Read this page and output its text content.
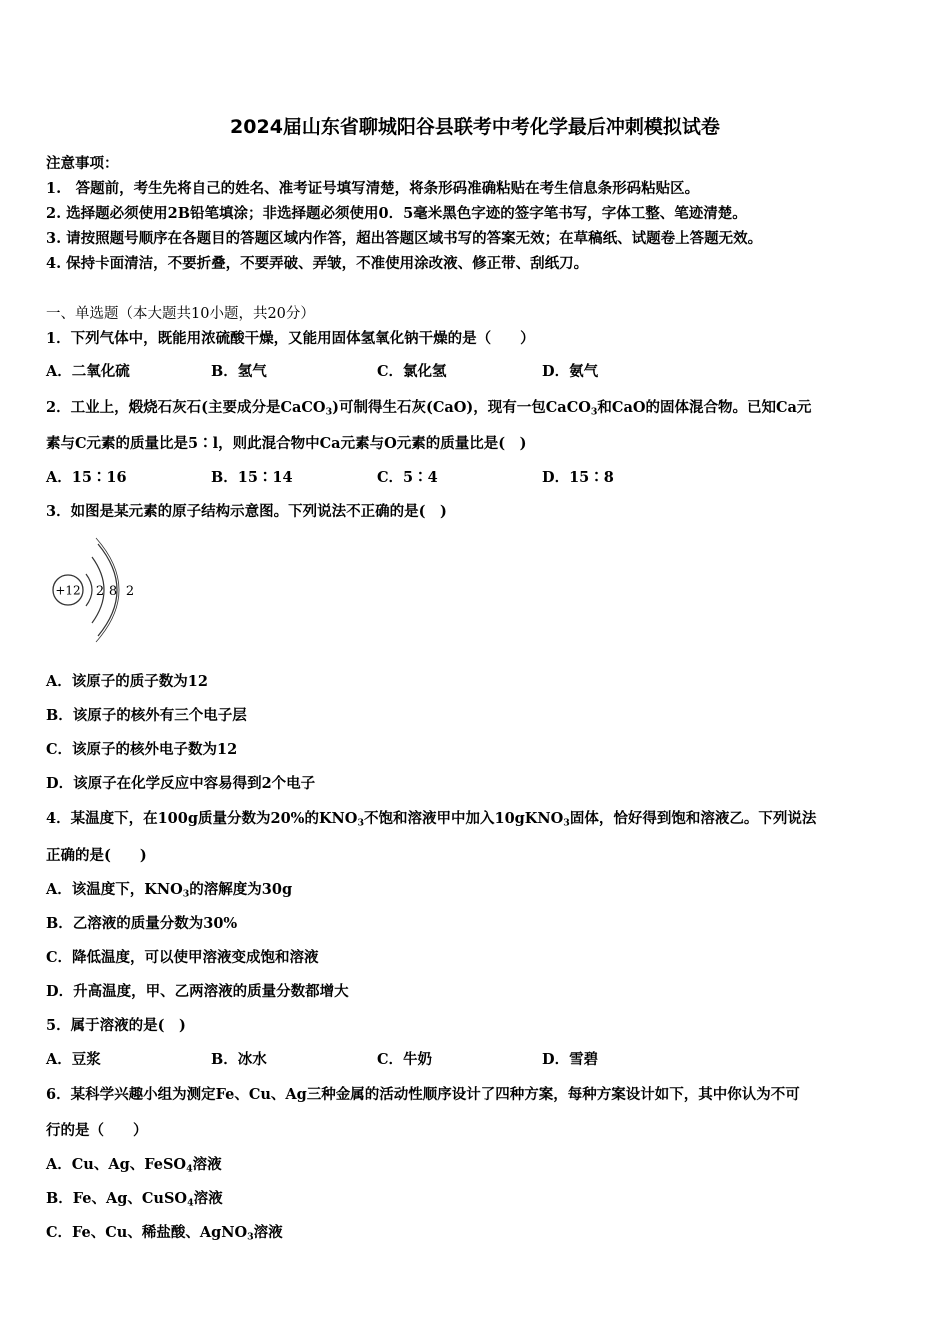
2024届山东省聊城阳谷县联考中考化学最后冲刺模拟试卷
注意事项：
1.　答题前，考生先将自己的姓名、准考证号填写清楚，将条形码准确粘贴在考生信息条形码粘贴区。
2. 选择题必须使用2B铅笔填涂；非选择题必须使用0．5毫米黑色字迹的签字笔书写，字体工整、笔迹清楚。
3. 请按照题号顺序在各题目的答题区域内作答，超出答题区域书写的答案无效；在草稿纸、试题卷上答题无效。
4. 保持卡面清洁，不要折叠，不要弄破、弄皱，不准使用涂改液、修正带、刮纸刀。
一、单选题（本大题共10小题，共20分）
1．下列气体中，既能用浓硫酸干燥，又能用固体氢氧化钠干燥的是（　　）
A．二氧化硫	B．氢气	C．氯化氢	D．氨气
2．工业上，煅烧石灰石(主要成分是CaCO$_3$)可制得生石灰(CaO)，现有一包CaCO$_3$和CaO的固体混合物。已知Ca元
素与C元素的质量比是5∶l，则此混合物中Ca元素与O元素的质量比是(　)
A．15∶16	B．15∶14	C．5∶4	D．15∶8
3．如图是某元素的原子结构示意图。下列说法不正确的是(　)
+12 2 8 2
A．该原子的质子数为12
B．该原子的核外有三个电子层
C．该原子的核外电子数为12
D．该原子在化学反应中容易得到2个电子
4．某温度下，在100g质量分数为20%的$KNO_3$不饱和溶液甲中加入10gKNO$_3$固体，恰好得到饱和溶液乙。下列说法
正确的是(　　)
A．该温度下，$KNO_3$的溶解度为30g
B．乙溶液的质量分数为30%
C．降低温度，可以使甲溶液变成饱和溶液
D．升高温度，甲、乙两溶液的质量分数都增大
5．属于溶液的是(　)
A．豆浆	B．冰水	C．牛奶	D．雪碧
6．某科学兴趣小组为测定Fe、Cu、Ag三种金属的活动性顺序设计了四种方案，每种方案设计如下，其中你认为不可
行的是（　　）
A．Cu、Ag、FeSO$_4$溶液
B．Fe、Ag、CuSO$_4$溶液
C．Fe、Cu、稀盐酸、AgNO$_3$溶液
